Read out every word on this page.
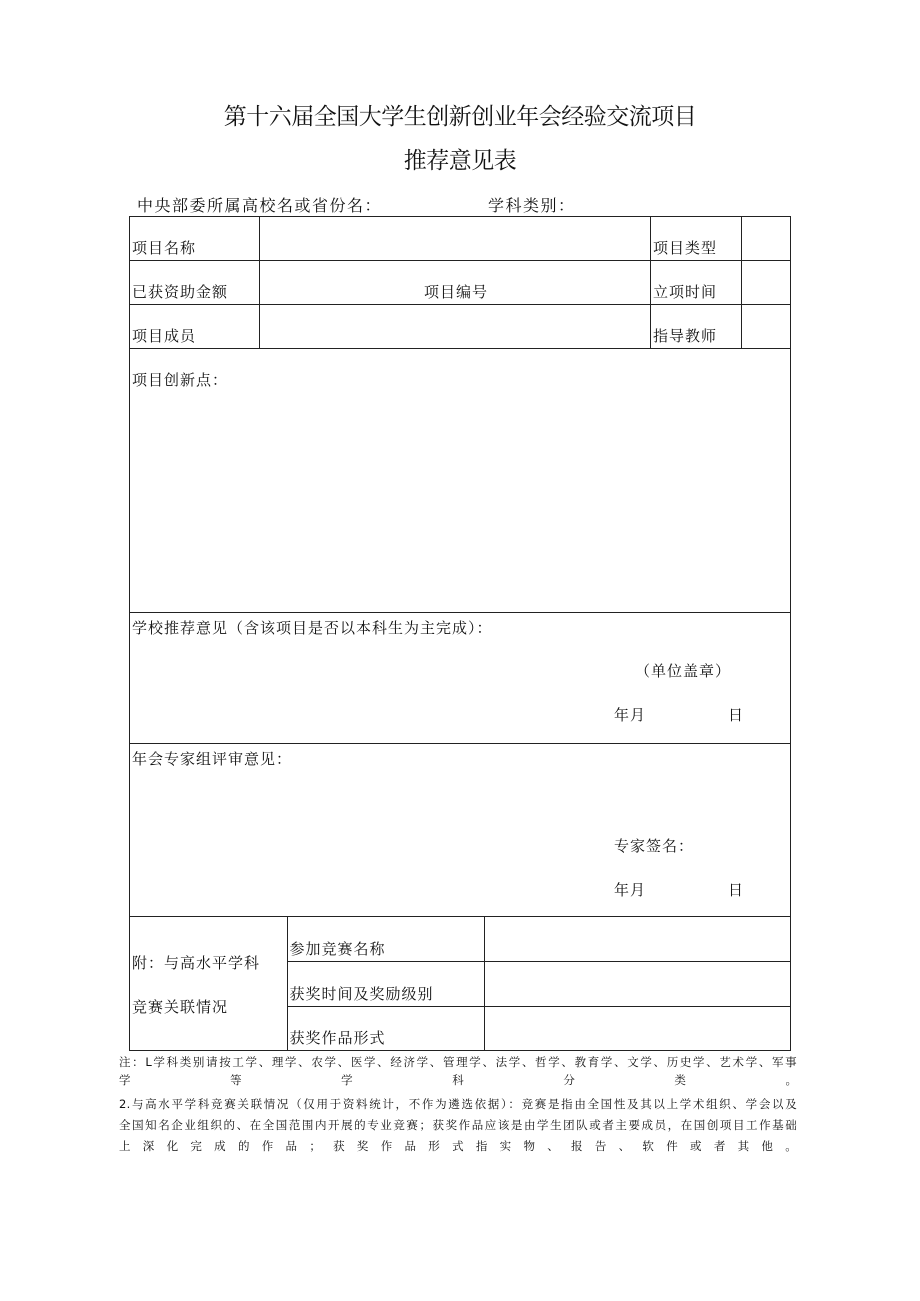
第十六届全国大学生创新创业年会经验交流项目
推荐意见表
中央部委所属高校名或省份名：	学科类别：
项目名称		项目类型

已获资助金额	项目编号	立项时间

项目成员		指导教师

项目创新点：

学校推荐意见（含该项目是否以本科生为主完成）：
（单位盖章）
年月	日

年会专家组评审意见：
专家签名：
年月	日

附：与高水平学科
竞赛关联情况

参加竞赛名称

获奖时间及奖励级别

获奖作品形式

注：L学科类别请按工学、理学、农学、医学、经济学、管理学、法学、哲学、教育学、文学、历史学、艺术学、军事
学等学科分类。
2.与高水平学科竞赛关联情况（仅用于资料统计，不作为遴选依据）：竞赛是指由全国性及其以上学术组织、学会以及
全国知名企业组织的、在全国范围内开展的专业竞赛；获奖作品应该是由学生团队或者主要成员，在国创项目工作基础
上深化完成的作品；获奖作品形式指实物、报告、软件或者其他。
